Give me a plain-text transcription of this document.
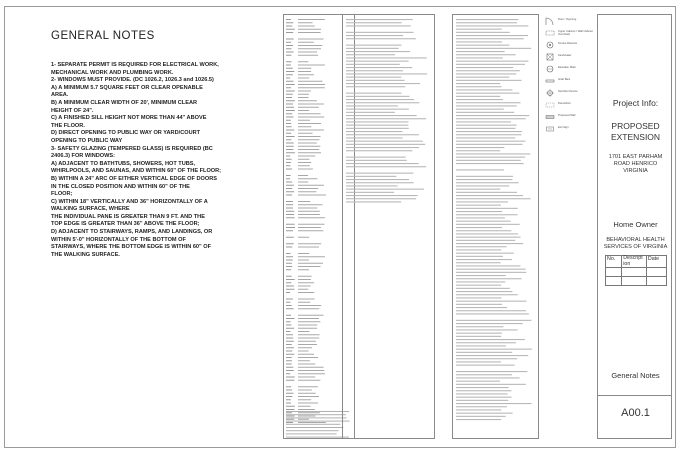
GENERAL NOTES
1- SEPARATE PERMIT IS REQUIRED FOR ELECTRICAL WORK,
MECHANICAL WORK AND PLUMBING WORK.
2- WINDOWS MUST PROVIDE. (DC 1026.2, 1026.3 and 1026.5)
A) A MINIMUM 5.7 SQUARE FEET OR CLEAR OPENABLE
AREA.
B) A MINIMUM CLEAR WIDTH OF 20', MINIMUM CLEAR
HEIGHT OF 24".
C) A FINISHED SILL HEIGHT NOT MORE THAN 44" ABOVE
THE FLOOR.
D) DIRECT OPENING TO PUBLIC WAY OR YARD/COURT
OPENING TO PUBLIC WAY
3- SAFETY GLAZING (TEMPERED GLASS) IS REQUIRED (BC
2406.3) FOR WINDOWS:
A) ADJACENT TO BATHTUBS, SHOWERS, HOT TUBS,
WHIRLPOOLS, AND SAUNAS, AND WITHIN 60" OF THE FLOOR;
B) WITHIN A 24" ARC OF EITHER VERTICAL EDGE OF DOORS
IN THE CLOSED POSITION AND WITHIN 60" OF THE
FLOOR;
C) WITHIN 18" VERTICALLY AND 36" HORIZONTALLY OF A
WALKING SURFACE, WHERE
THE INDIVIDUAL PANE IS GREATER THAN 9 FT. AND THE
TOP EDGE IS GREATER THAN 36" ABOVE THE FLOOR;
D) ADJACENT TO STAIRWAYS, RAMPS, AND LANDINGS, OR
WITHIN 5'-0" HORIZONTALLY OF THE BOTTOM OF
STAIRWAYS, WHERE THE BOTTOM EDGE IS WITHIN 60" OF
THE WALKING SURFACE.
Door / Opening
Upper Cabinet / Wall Cabinet Overhead
Smoke Detector
Fan/Heater
Elevation Mark
Grab Bars
Sprinkler Device
Demolition
Proposed Wall
Exit Sign
Project Info:
PROPOSED
EXTENSION
1701 EAST PARHAM
ROAD HENRICO
VIRGINIA
Home Owner
BEHAVIORAL HEALTH
SERVICES OF VIRGINIA
No.	Descript ion	Date

General Notes
A00.1
